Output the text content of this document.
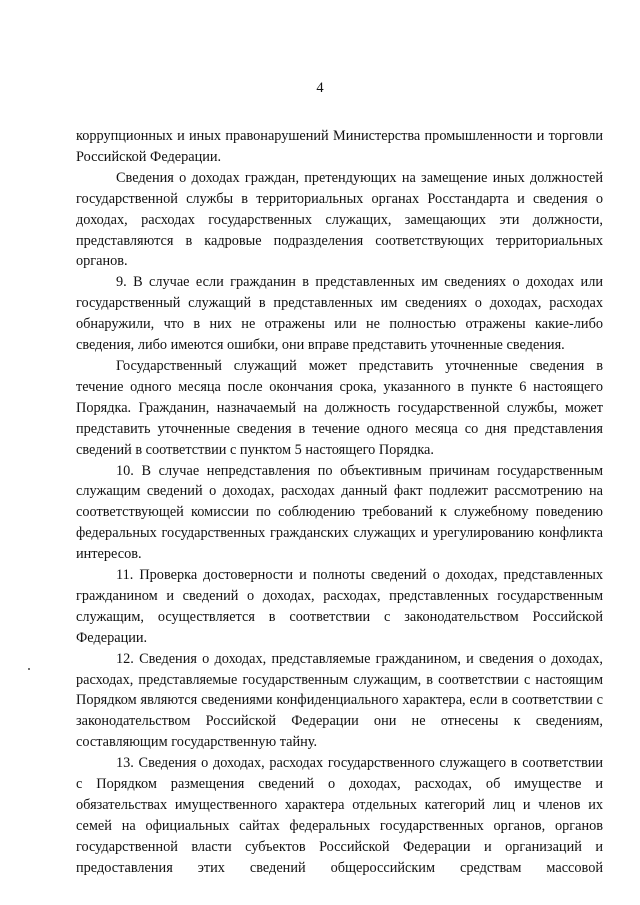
4

коррупционных и иных правонарушений Министерства промышленности и торговли Российской Федерации.

Сведения о доходах граждан, претендующих на замещение иных должностей государственной службы в территориальных органах Росстандарта и сведения о доходах, расходах государственных служащих, замещающих эти должности, представляются в кадровые подразделения соответствующих территориальных органов.

9. В случае если гражданин в представленных им сведениях о доходах или государственный служащий в представленных им сведениях о доходах, расходах обнаружили, что в них не отражены или не полностью отражены какие-либо сведения, либо имеются ошибки, они вправе представить уточненные сведения.

Государственный служащий может представить уточненные сведения в течение одного месяца после окончания срока, указанного в пункте 6 настоящего Порядка. Гражданин, назначаемый на должность государственной службы, может представить уточненные сведения в течение одного месяца со дня представления сведений в соответствии с пунктом 5 настоящего Порядка.

10. В случае непредставления по объективным причинам государственным служащим сведений о доходах, расходах данный факт подлежит рассмотрению на соответствующей комиссии по соблюдению требований к служебному поведению федеральных государственных гражданских служащих и урегулированию конфликта интересов.

11. Проверка достоверности и полноты сведений о доходах, представленных гражданином и сведений о доходах, расходах, представленных государственным служащим, осуществляется в соответствии с законодательством Российской Федерации.

12. Сведения о доходах, представляемые гражданином, и сведения о доходах, расходах, представляемые государственным служащим, в соответствии с настоящим Порядком являются сведениями конфиденциального характера, если в соответствии с законодательством Российской Федерации они не отнесены к сведениям, составляющим государственную тайну.

13. Сведения о доходах, расходах государственного служащего в соответствии с Порядком размещения сведений о доходах, расходах, об имуществе и обязательствах имущественного характера отдельных категорий лиц и членов их семей на официальных сайтах федеральных государственных органов, органов государственной власти субъектов Российской Федерации и организаций и предоставления этих сведений общероссийским средствам массовой
